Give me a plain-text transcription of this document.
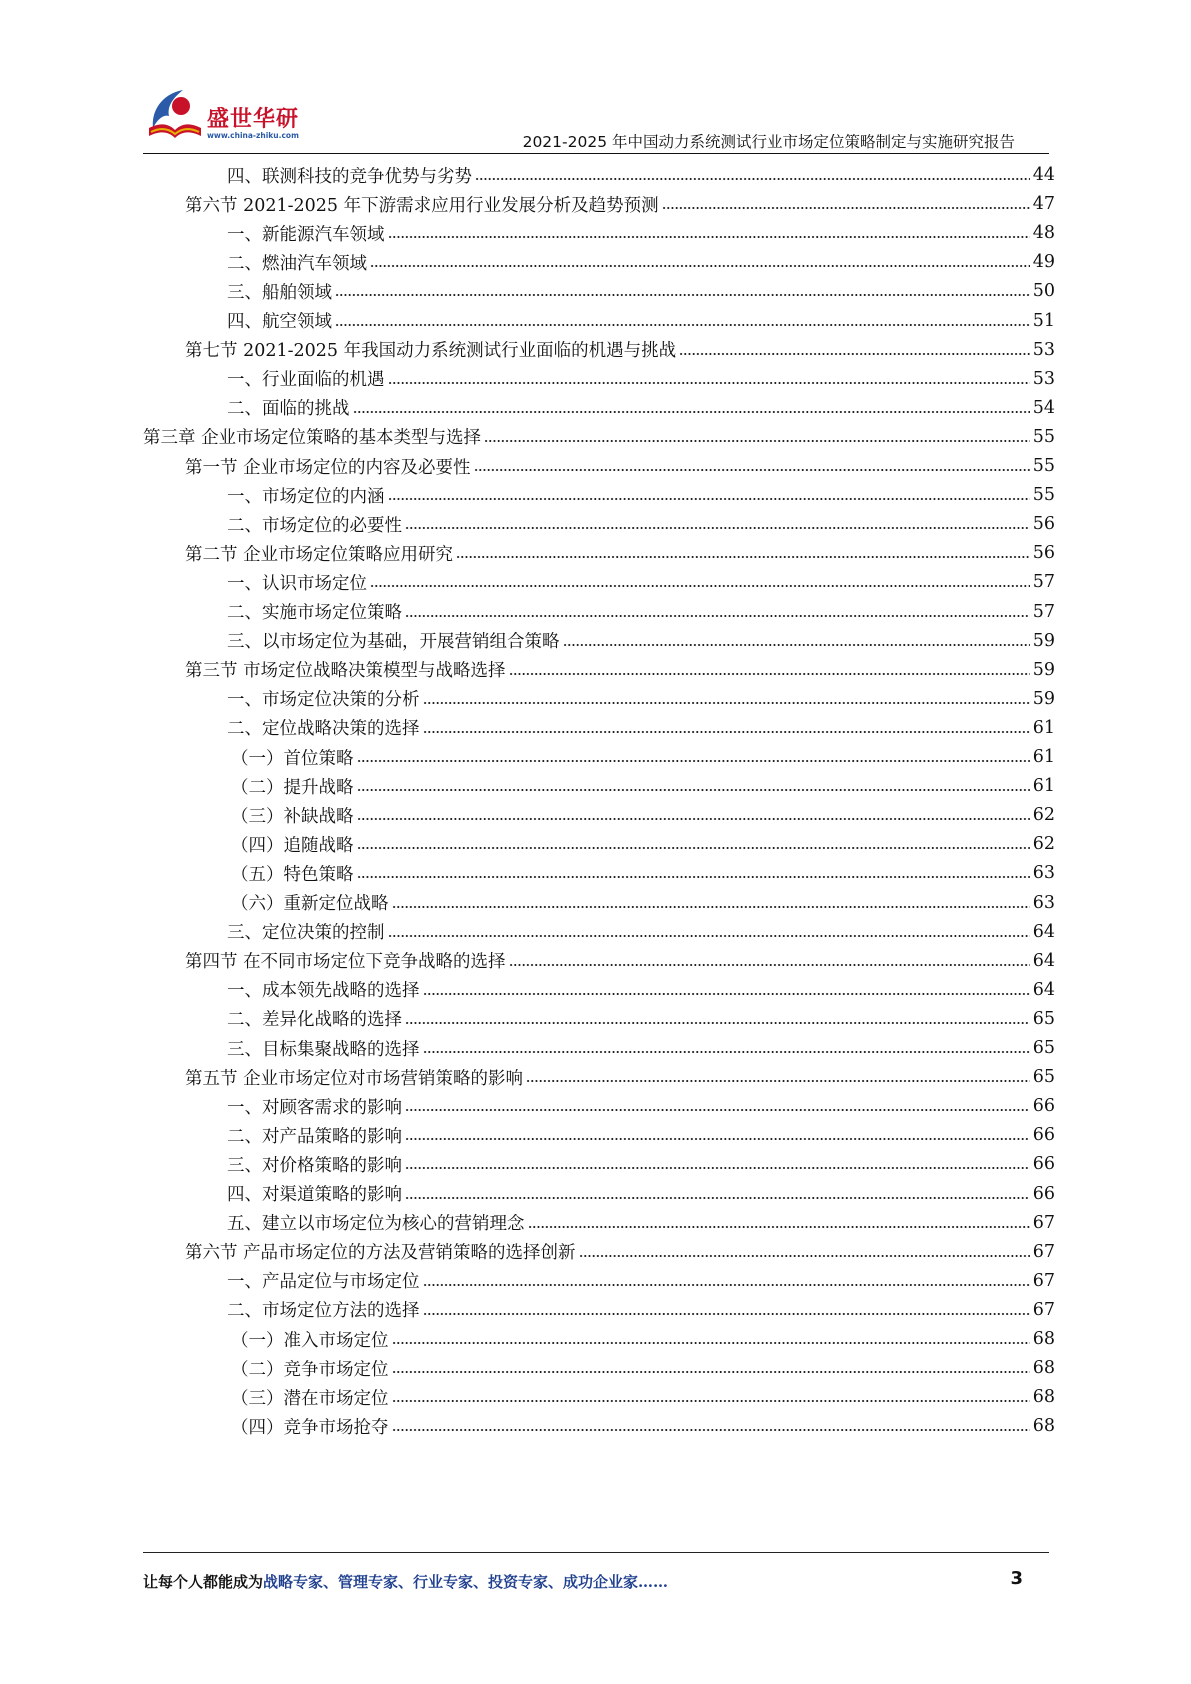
盛世华研
www.china-zhiku.com	2021-2025 年中国动力系统测试行业市场定位策略制定与实施研究报告
四、联测科技的竞争优势与劣势	44
第六节 2021-2025 年下游需求应用行业发展分析及趋势预测	47
一、新能源汽车领域	48
二、燃油汽车领域	49
三、船舶领域	50
四、航空领域	51
第七节 2021-2025 年我国动力系统测试行业面临的机遇与挑战	53
一、行业面临的机遇	53
二、面临的挑战	54
第三章 企业市场定位策略的基本类型与选择	55
第一节 企业市场定位的内容及必要性	55
一、市场定位的内涵	55
二、市场定位的必要性	56
第二节 企业市场定位策略应用研究	56
一、认识市场定位	57
二、实施市场定位策略	57
三、以市场定位为基础，开展营销组合策略	59
第三节 市场定位战略决策模型与战略选择	59
一、市场定位决策的分析	59
二、定位战略决策的选择	61
（一）首位策略	61
（二）提升战略	61
（三）补缺战略	62
（四）追随战略	62
（五）特色策略	63
（六）重新定位战略	63
三、定位决策的控制	64
第四节 在不同市场定位下竞争战略的选择	64
一、成本领先战略的选择	64
二、差异化战略的选择	65
三、目标集聚战略的选择	65
第五节 企业市场定位对市场营销策略的影响	65
一、对顾客需求的影响	66
二、对产品策略的影响	66
三、对价格策略的影响	66
四、对渠道策略的影响	66
五、建立以市场定位为核心的营销理念	67
第六节 产品市场定位的方法及营销策略的选择创新	67
一、产品定位与市场定位	67
二、市场定位方法的选择	67
（一）准入市场定位	68
（二）竞争市场定位	68
（三）潜在市场定位	68
（四）竞争市场抢夺	68
让每个人都能成为战略专家、管理专家、行业专家、投资专家、成功企业家……	3
